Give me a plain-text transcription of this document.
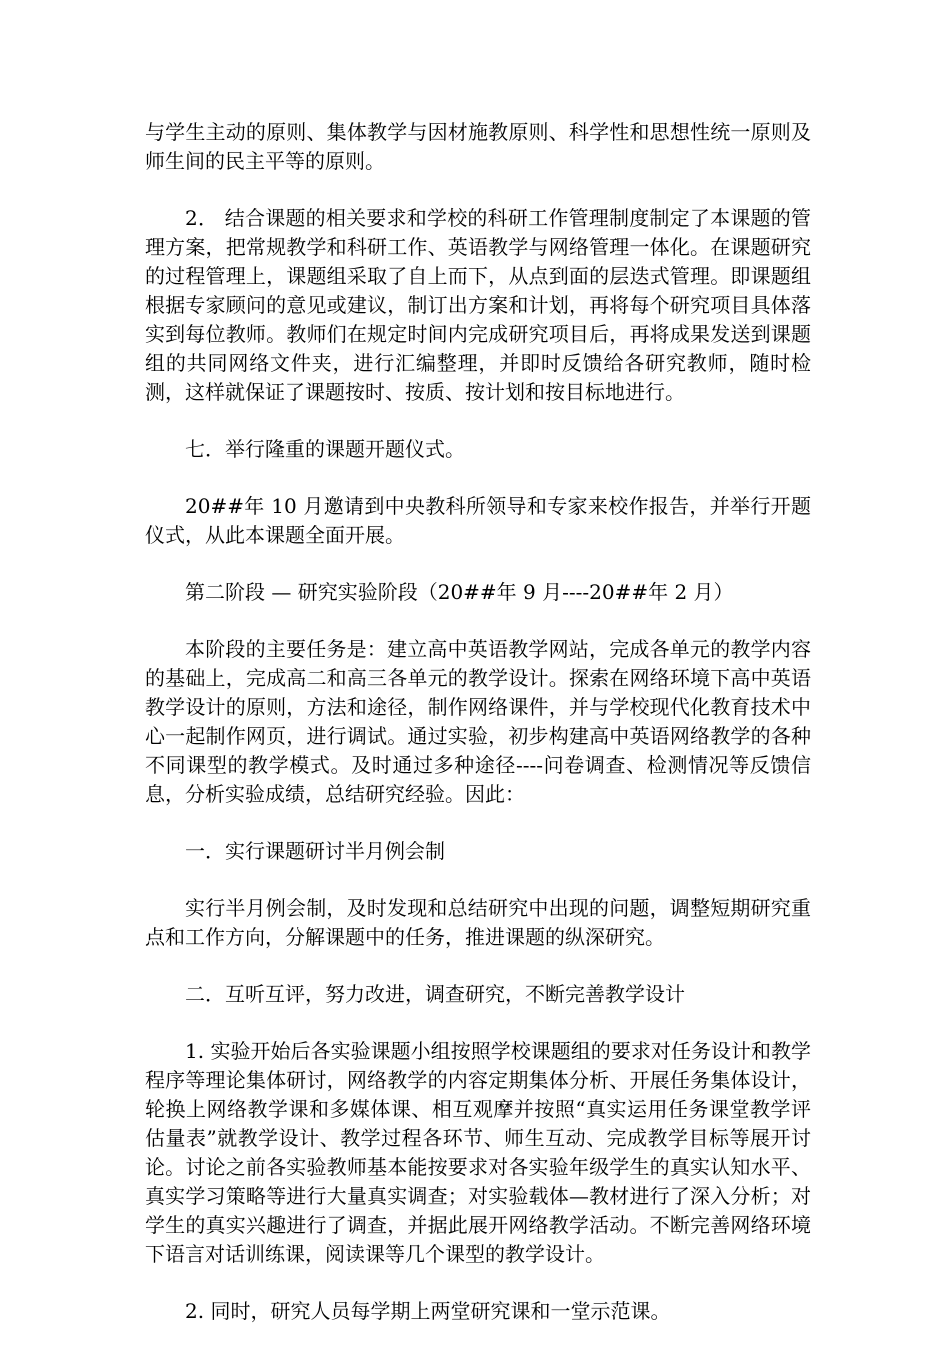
与学生主动的原则、集体教学与因材施教原则、科学性和思想性统一原则及师生间的民主平等的原则。

2． 结合课题的相关要求和学校的科研工作管理制度制定了本课题的管理方案，把常规教学和科研工作、英语教学与网络管理一体化。在课题研究的过程管理上，课题组采取了自上而下，从点到面的层迭式管理。即课题组根据专家顾问的意见或建议，制订出方案和计划，再将每个研究项目具体落实到每位教师。教师们在规定时间内完成研究项目后，再将成果发送到课题组的共同网络文件夹，进行汇编整理，并即时反馈给各研究教师，随时检测，这样就保证了课题按时、按质、按计划和按目标地进行。

七．举行隆重的课题开题仪式。

20##年 10 月邀请到中央教科所领导和专家来校作报告，并举行开题仪式，从此本课题全面开展。

第二阶段 — 研究实验阶段（20##年 9 月----20##年 2 月）

本阶段的主要任务是：建立高中英语教学网站，完成各单元的教学内容的基础上，完成高二和高三各单元的教学设计。探索在网络环境下高中英语教学设计的原则，方法和途径，制作网络课件，并与学校现代化教育技术中心一起制作网页，进行调试。通过实验，初步构建高中英语网络教学的各种不同课型的教学模式。及时通过多种途径----问卷调查、检测情况等反馈信息，分析实验成绩，总结研究经验。因此：

一．实行课题研讨半月例会制

实行半月例会制，及时发现和总结研究中出现的问题，调整短期研究重点和工作方向，分解课题中的任务，推进课题的纵深研究。

二．互听互评，努力改进，调查研究，不断完善教学设计

1. 实验开始后各实验课题小组按照学校课题组的要求对任务设计和教学程序等理论集体研讨，网络教学的内容定期集体分析、开展任务集体设计，轮换上网络教学课和多媒体课、相互观摩并按照“真实运用任务课堂教学评估量表”就教学设计、教学过程各环节、师生互动、完成教学目标等展开讨论。讨论之前各实验教师基本能按要求对各实验年级学生的真实认知水平、真实学习策略等进行大量真实调查；对实验载体—教材进行了深入分析；对学生的真实兴趣进行了调查，并据此展开网络教学活动。不断完善网络环境下语言对话训练课，阅读课等几个课型的教学设计。

2. 同时，研究人员每学期上两堂研究课和一堂示范课。
